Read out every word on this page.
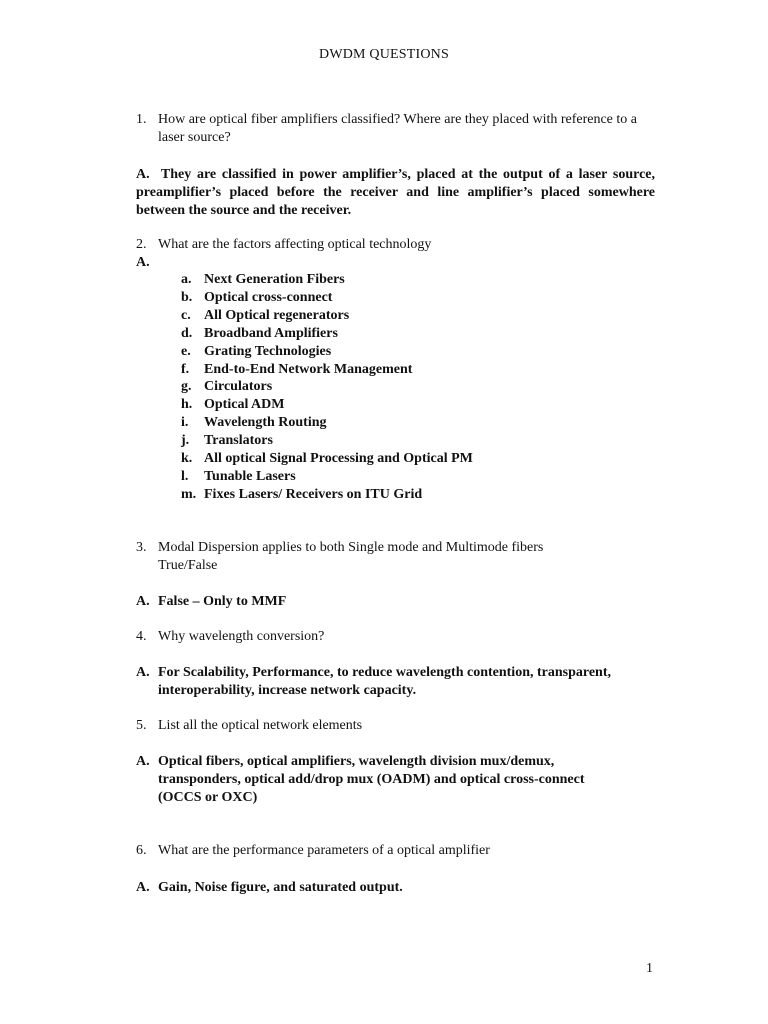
DWDM QUESTIONS
1. How are optical fiber amplifiers classified? Where are they placed with reference to a laser source?
A. They are classified in power amplifier’s, placed at the output of a laser source, preamplifier’s placed before the receiver and line amplifier’s placed somewhere between the source and the receiver.
2. What are the factors affecting optical technology
A.
a. Next Generation Fibers
b. Optical cross-connect
c. All Optical regenerators
d. Broadband Amplifiers
e. Grating Technologies
f. End-to-End Network Management
g. Circulators
h. Optical ADM
i. Wavelength Routing
j. Translators
k. All optical Signal Processing and Optical PM
l. Tunable Lasers
m. Fixes Lasers/ Receivers on ITU Grid
3. Modal Dispersion applies to both Single mode and Multimode fibers True/False
A. False – Only to MMF
4. Why wavelength conversion?
A. For Scalability, Performance, to reduce wavelength contention, transparent, interoperability, increase network capacity.
5. List all the optical network elements
A. Optical fibers, optical amplifiers, wavelength division mux/demux, transponders, optical add/drop mux (OADM) and optical cross-connect (OCCS or OXC)
6. What are the performance parameters of a optical amplifier
A. Gain, Noise figure, and saturated output.
1
